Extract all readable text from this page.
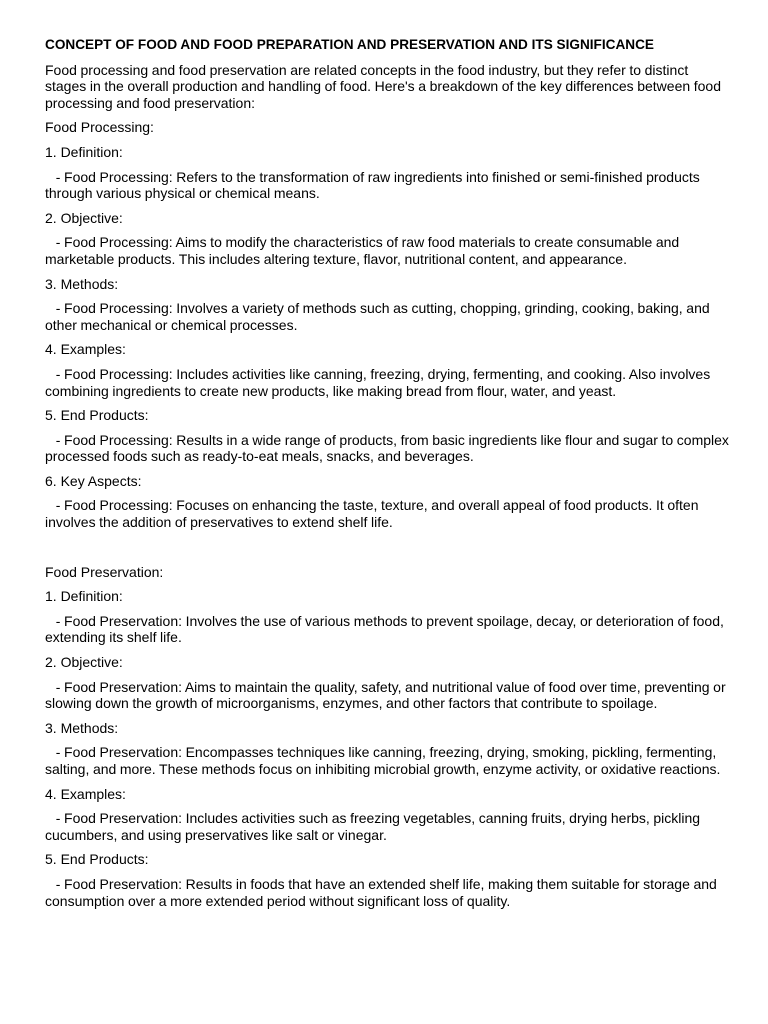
CONCEPT OF FOOD AND FOOD PREPARATION AND PRESERVATION AND ITS SIGNIFICANCE
Food processing and food preservation are related concepts in the food industry, but they refer to distinct stages in the overall production and handling of food. Here's a breakdown of the key differences between food processing and food preservation:
Food Processing:
1. Definition:
- Food Processing: Refers to the transformation of raw ingredients into finished or semi-finished products through various physical or chemical means.
2. Objective:
- Food Processing: Aims to modify the characteristics of raw food materials to create consumable and marketable products. This includes altering texture, flavor, nutritional content, and appearance.
3. Methods:
- Food Processing: Involves a variety of methods such as cutting, chopping, grinding, cooking, baking, and other mechanical or chemical processes.
4. Examples:
- Food Processing: Includes activities like canning, freezing, drying, fermenting, and cooking. Also involves combining ingredients to create new products, like making bread from flour, water, and yeast.
5. End Products:
- Food Processing: Results in a wide range of products, from basic ingredients like flour and sugar to complex processed foods such as ready-to-eat meals, snacks, and beverages.
6. Key Aspects:
- Food Processing: Focuses on enhancing the taste, texture, and overall appeal of food products. It often involves the addition of preservatives to extend shelf life.
Food Preservation:
1. Definition:
- Food Preservation: Involves the use of various methods to prevent spoilage, decay, or deterioration of food, extending its shelf life.
2. Objective:
- Food Preservation: Aims to maintain the quality, safety, and nutritional value of food over time, preventing or slowing down the growth of microorganisms, enzymes, and other factors that contribute to spoilage.
3. Methods:
- Food Preservation: Encompasses techniques like canning, freezing, drying, smoking, pickling, fermenting, salting, and more. These methods focus on inhibiting microbial growth, enzyme activity, or oxidative reactions.
4. Examples:
- Food Preservation: Includes activities such as freezing vegetables, canning fruits, drying herbs, pickling cucumbers, and using preservatives like salt or vinegar.
5. End Products:
- Food Preservation: Results in foods that have an extended shelf life, making them suitable for storage and consumption over a more extended period without significant loss of quality.
